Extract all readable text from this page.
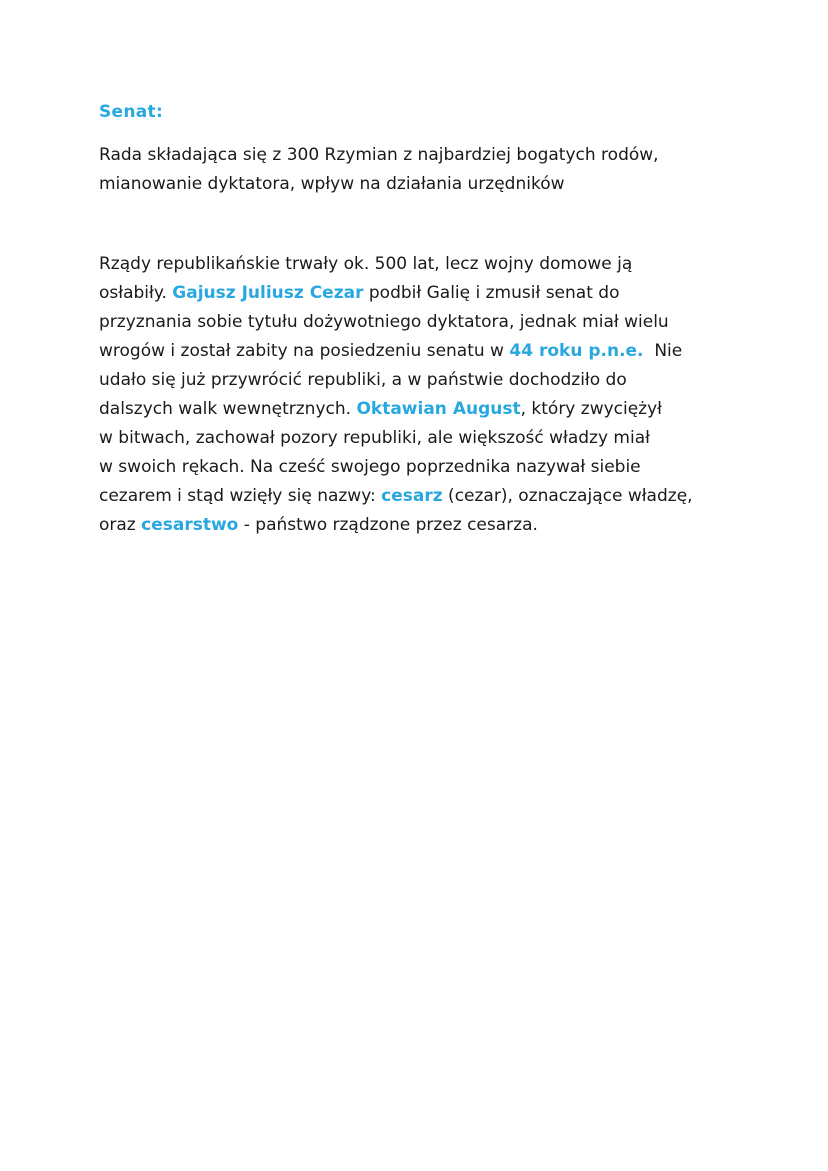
Senat:
Rada składająca się z 300 Rzymian z najbardziej bogatych rodów,
mianowanie dyktatora, wpływ na działania urzędników
Rządy republikańskie trwały ok. 500 lat, lecz wojny domowe ją
osłabiły. Gajusz Juliusz Cezar podbił Galię i zmusił senat do
przyznania sobie tytułu dożywotniego dyktatora, jednak miał wielu
wrogów i został zabity na posiedzeniu senatu w 44 roku p.n.e.  Nie
udało się już przywrócić republiki, a w państwie dochodziło do
dalszych walk wewnętrznych. Oktawian August, który zwyciężył
w bitwach, zachował pozory republiki, ale większość władzy miał
w swoich rękach. Na cześć swojego poprzednika nazywał siebie
cezarem i stąd wzięły się nazwy: cesarz (cezar), oznaczające władzę,
oraz cesarstwo - państwo rządzone przez cesarza.
